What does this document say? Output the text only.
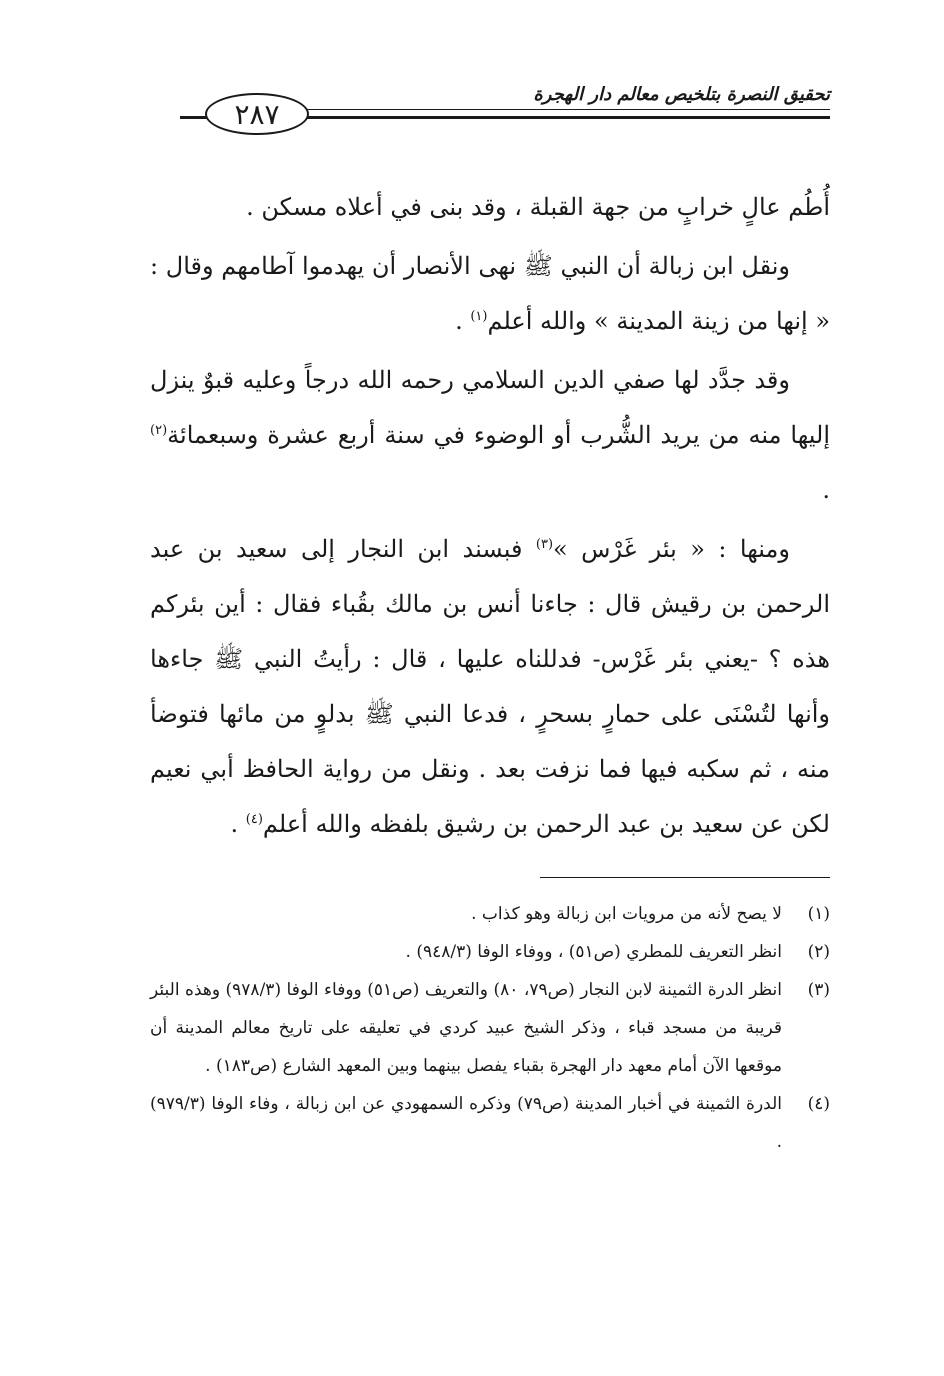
٢٨٧
تحقيق النصرة بتلخيص معالم دار الهجرة

أُطُم عالٍ خرابٍ من جهة القبلة ، وقد بنى في أعلاه مسكن .

ونقل ابن زبالة أن النبي ﷺ نهى الأنصار أن يهدموا آطامهم وقال : « إنها من زينة المدينة » والله أعلم$^{(١)}$ .

وقد جدَّد لها صفي الدين السلامي رحمه الله درجاً وعليه قبوٌ ينزل إليها منه من يريد الشُّرب أو الوضوء في سنة أربع عشرة وسبعمائة$^{(٢)}$ .

ومنها : « بئر غَرْس »$^{(٣)}$ فبسند ابن النجار إلى سعيد بن عبد الرحمن بن رقيش قال : جاءنا أنس بن مالك بقُباء فقال : أين بئركم هذه ؟ -يعني بئر غَرْس- فدللناه عليها ، قال : رأيتُ النبي ﷺ جاءها وأنها لتُسْنَى على حمارٍ بسحرٍ ، فدعا النبي ﷺ بدلوٍ من مائها فتوضأ منه ، ثم سكبه فيها فما نزفت بعد . ونقل من رواية الحافظ أبي نعيم لكن عن سعيد بن عبد الرحمن بن رشيق بلفظه والله أعلم$^{(٤)}$ .

(١)
لا يصح لأنه من مرويات ابن زبالة وهو كذاب .
(٢)
انظر التعريف للمطري (ص٥١) ، ووفاء الوفا (٩٤٨/٣) .
(٣)
انظر الدرة الثمينة لابن النجار (ص٧٩، ٨٠) والتعريف (ص٥١) ووفاء الوفا (٩٧٨/٣) وهذه البئر قريبة من مسجد قباء ، وذكر الشيخ عبيد كردي في تعليقه على تاريخ معالم المدينة أن موقعها الآن أمام معهد دار الهجرة بقباء يفصل بينهما وبين المعهد الشارع (ص١٨٣) .
(٤)
الدرة الثمينة في أخبار المدينة (ص٧٩) وذكره السمهودي عن ابن زبالة ، وفاء الوفا (٩٧٩/٣) .
